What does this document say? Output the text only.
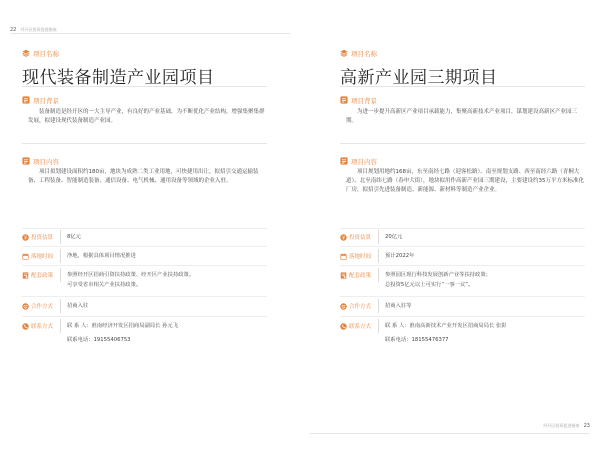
22 经开区投资促进指南
项目名称
现代装备制造产业园项目
项目背景
装备制造是经开区的一大主导产业，有良好的产业基础，为不断优化产业结构，增强集聚集群发展，拟建设现代装备制造产业园。
项目内容
项目拟划建设面积约180亩，地块为成熟二类工业用地，可快捷用出让，拟招引交通运输装备、工程装备、智能制造装备、通信设备、电气机械、通用设备等领域的企业入驻。
投资估算	8亿元
落地时间	净地，根据具体项目情况推进
配套政策	参照经开区招商引资扶持政策、经开区产业扶持政策。
可享受省市相关产业扶持政策。
合作方式	招商入驻
联系方式	联 系 人：淮南经济开发区招商局副局长 孙元飞
联系电话：19155406753
项目名称
高新产业园三期项目
项目背景
为进一步提升高新区产业项目承载能力，集聚高新技术产业项目，谋划建设高新区产业园三期。
项目内容
项目规划用地约168亩，东至南经七路（迎客松路）、南至规划支路、西至南经六路（青桐大道）、北至南纬七路（春申大街），地块拟用作高新产业园三期建设，主要建设约35万平方米标准化厂房，拟招引先进装备制造、新能源、新材料等制造产业企业。
投资估算	20亿元
落地时间	预计2022年
配套政策	参照园区现行科技发展创新产业等扶持政策；
总投资5亿元以上可实行“一事一议”。
合作方式	招商入驻等
联系方式	联 系 人：淮南高新技术产业开发区招商局局长 张影
联系电话：18155476377
经开区投资促进指南 23
